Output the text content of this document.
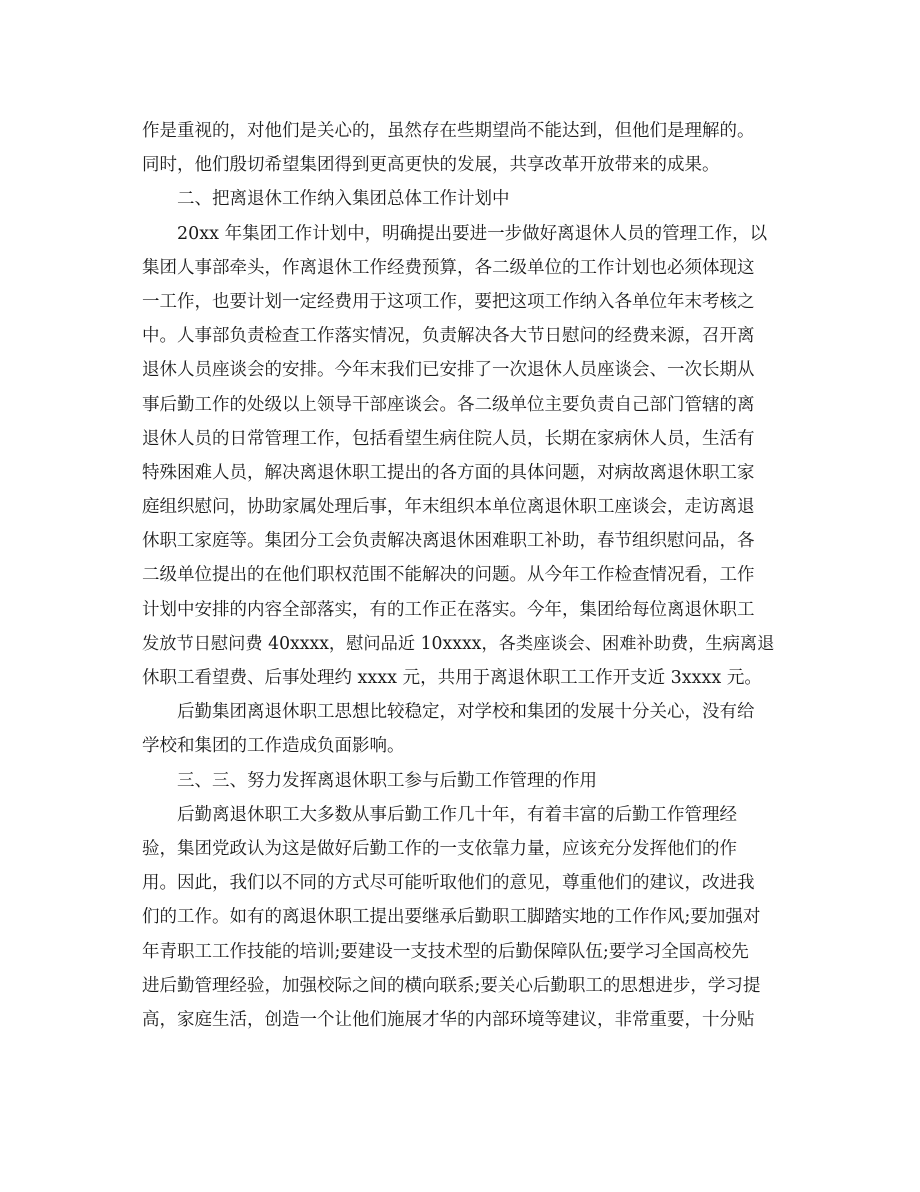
作是重视的，对他们是关心的，虽然存在些期望尚不能达到，但他们是理解的。
同时，他们殷切希望集团得到更高更快的发展，共享改革开放带来的成果。
二、把离退休工作纳入集团总体工作计划中
20xx 年集团工作计划中，明确提出要进一步做好离退休人员的管理工作，以
集团人事部牵头，作离退休工作经费预算，各二级单位的工作计划也必须体现这
一工作，也要计划一定经费用于这项工作，要把这项工作纳入各单位年末考核之
中。人事部负责检查工作落实情况，负责解决各大节日慰问的经费来源，召开离
退休人员座谈会的安排。今年末我们已安排了一次退休人员座谈会、一次长期从
事后勤工作的处级以上领导干部座谈会。各二级单位主要负责自己部门管辖的离
退休人员的日常管理工作，包括看望生病住院人员，长期在家病休人员，生活有
特殊困难人员，解决离退休职工提出的各方面的具体问题，对病故离退休职工家
庭组织慰问，协助家属处理后事，年末组织本单位离退休职工座谈会，走访离退
休职工家庭等。集团分工会负责解决离退休困难职工补助，春节组织慰问品，各
二级单位提出的在他们职权范围不能解决的问题。从今年工作检查情况看，工作
计划中安排的内容全部落实，有的工作正在落实。今年，集团给每位离退休职工
发放节日慰问费 40xxxx，慰问品近 10xxxx，各类座谈会、困难补助费，生病离退
休职工看望费、后事处理约 xxxx 元，共用于离退休职工工作开支近 3xxxx 元。
后勤集团离退休职工思想比较稳定，对学校和集团的发展十分关心，没有给
学校和集团的工作造成负面影响。
三、三、努力发挥离退休职工参与后勤工作管理的作用
后勤离退休职工大多数从事后勤工作几十年，有着丰富的后勤工作管理经
验，集团党政认为这是做好后勤工作的一支依靠力量，应该充分发挥他们的作
用。因此，我们以不同的方式尽可能听取他们的意见，尊重他们的建议，改进我
们的工作。如有的离退休职工提出要继承后勤职工脚踏实地的工作作风;要加强对
年青职工工作技能的培训;要建设一支技术型的后勤保障队伍;要学习全国高校先
进后勤管理经验，加强校际之间的横向联系;要关心后勤职工的思想进步，学习提
高，家庭生活，创造一个让他们施展才华的内部环境等建议，非常重要，十分贴
